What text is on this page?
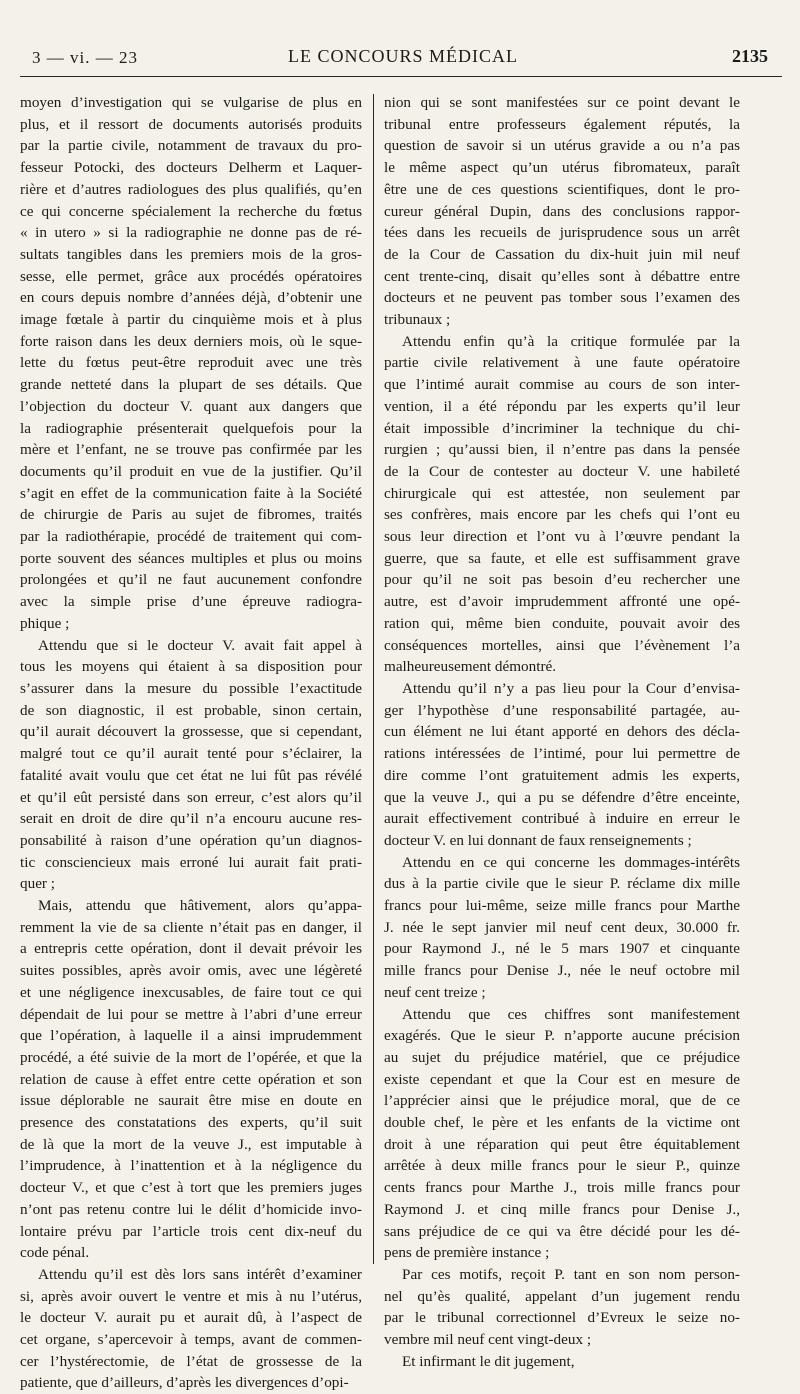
3 — vi. — 23	LE CONCOURS MÉDICAL	2135
moyen d’investigation qui se vulgarise de plus en
plus, et il ressort de documents autorisés produits
par la partie civile, notamment de travaux du pro-
fesseur Potocki, des docteurs Delherm et Laquer-
rière et d’autres radiologues des plus qualifiés, qu’en
ce qui concerne spécialement la recherche du fœtus
« in utero » si la radiographie ne donne pas de ré-
sultats tangibles dans les premiers mois de la gros-
sesse, elle permet, grâce aux procédés opératoires
en cours depuis nombre d’années déjà, d’obtenir une
image fœtale à partir du cinquième mois et à plus
forte raison dans les deux derniers mois, où le sque-
lette du fœtus peut-être reproduit avec une très
grande netteté dans la plupart de ses détails. Que
l’objection du docteur V. quant aux dangers que
la radiographie présenterait quelquefois pour la
mère et l’enfant, ne se trouve pas confirmée par les
documents qu’il produit en vue de la justifier. Qu’il
s’agit en effet de la communication faite à la Société
de chirurgie de Paris au sujet de fibromes, traités
par la radiothérapie, procédé de traitement qui com-
porte souvent des séances multiples et plus ou moins
prolongées et qu’il ne faut aucunement confondre
avec la simple prise d’une épreuve radiogra-
phique ;
Attendu que si le docteur V. avait fait appel à
tous les moyens qui étaient à sa disposition pour
s’assurer dans la mesure du possible l’exactitude
de son diagnostic, il est probable, sinon certain,
qu’il aurait découvert la grossesse, que si cependant,
malgré tout ce qu’il aurait tenté pour s’éclairer, la
fatalité avait voulu que cet état ne lui fût pas révélé
et qu’il eût persisté dans son erreur, c’est alors qu’il
serait en droit de dire qu’il n’a encouru aucune res-
ponsabilité à raison d’une opération qu’un diagnos-
tic consciencieux mais erroné lui aurait fait prati-
quer ;
Mais, attendu que hâtivement, alors qu’appa-
remment la vie de sa cliente n’était pas en danger, il
a entrepris cette opération, dont il devait prévoir les
suites possibles, après avoir omis, avec une légèreté
et une négligence inexcusables, de faire tout ce qui
dépendait de lui pour se mettre à l’abri d’une erreur
que l’opération, à laquelle il a ainsi imprudemment
procédé, a été suivie de la mort de l’opérée, et que la
relation de cause à effet entre cette opération et son
issue déplorable ne saurait être mise en doute en
presence des constatations des experts, qu’il suit
de là que la mort de la veuve J., est imputable à
l’imprudence, à l’inattention et à la négligence du
docteur V., et que c’est à tort que les premiers juges
n’ont pas retenu contre lui le délit d’homicide invo-
lontaire prévu par l’article trois cent dix-neuf du
code pénal.
Attendu qu’il est dès lors sans intérêt d’examiner
si, après avoir ouvert le ventre et mis à nu l’utérus,
le docteur V. aurait pu et aurait dû, à l’aspect de
cet organe, s’apercevoir à temps, avant de commen-
cer l’hystérectomie, de l’état de grossesse de la
patiente, que d’ailleurs, d’après les divergences d’opi-
nion qui se sont manifestées sur ce point devant le
tribunal entre professeurs également réputés, la
question de savoir si un utérus gravide a ou n’a pas
le même aspect qu’un utérus fibromateux, paraît
être une de ces questions scientifiques, dont le pro-
cureur général Dupin, dans des conclusions rappor-
tées dans les recueils de jurisprudence sous un arrêt
de la Cour de Cassation du dix-huit juin mil neuf
cent trente-cinq, disait qu’elles sont à débattre entre
docteurs et ne peuvent pas tomber sous l’examen des
tribunaux ;
Attendu enfin qu’à la critique formulée par la
partie civile relativement à une faute opératoire
que l’intimé aurait commise au cours de son inter-
vention, il a été répondu par les experts qu’il leur
était impossible d’incriminer la technique du chi-
rurgien ; qu’aussi bien, il n’entre pas dans la pensée
de la Cour de contester au docteur V. une habileté
chirurgicale qui est attestée, non seulement par
ses confrères, mais encore par les chefs qui l’ont eu
sous leur direction et l’ont vu à l’œuvre pendant la
guerre, que sa faute, et elle est suffisamment grave
pour qu’il ne soit pas besoin d’eu rechercher une
autre, est d’avoir imprudemment affronté une opé-
ration qui, même bien conduite, pouvait avoir des
conséquences mortelles, ainsi que l’évènement l’a
malheureusement démontré.
Attendu qu’il n’y a pas lieu pour la Cour d’envisa-
ger l’hypothèse d’une responsabilité partagée, au-
cun élément ne lui étant apporté en dehors des décla-
rations intéressées de l’intimé, pour lui permettre de
dire comme l’ont gratuitement admis les experts,
que la veuve J., qui a pu se défendre d’être enceinte,
aurait effectivement contribué à induire en erreur le
docteur V. en lui donnant de faux renseignements ;
Attendu en ce qui concerne les dommages-intérêts
dus à la partie civile que le sieur P. réclame dix mille
francs pour lui-même, seize mille francs pour Marthe
J. née le sept janvier mil neuf cent deux, 30.000 fr.
pour Raymond J., né le 5 mars 1907 et cinquante
mille francs pour Denise J., née le neuf octobre mil
neuf cent treize ;
Attendu que ces chiffres sont manifestement
exagérés. Que le sieur P. n’apporte aucune précision
au sujet du préjudice matériel, que ce préjudice
existe cependant et que la Cour est en mesure de
l’apprécier ainsi que le préjudice moral, que de ce
double chef, le père et les enfants de la victime ont
droit à une réparation qui peut être équitablement
arrêtée à deux mille francs pour le sieur P., quinze
cents francs pour Marthe J., trois mille francs pour
Raymond J. et cinq mille francs pour Denise J.,
sans préjudice de ce qui va être décidé pour les dé-
pens de première instance ;
Par ces motifs, reçoit P. tant en son nom person-
nel qu’ès qualité, appelant d’un jugement rendu
par le tribunal correctionnel d’Evreux le seize no-
vembre mil neuf cent vingt-deux ;
Et infirmant le dit jugement,
